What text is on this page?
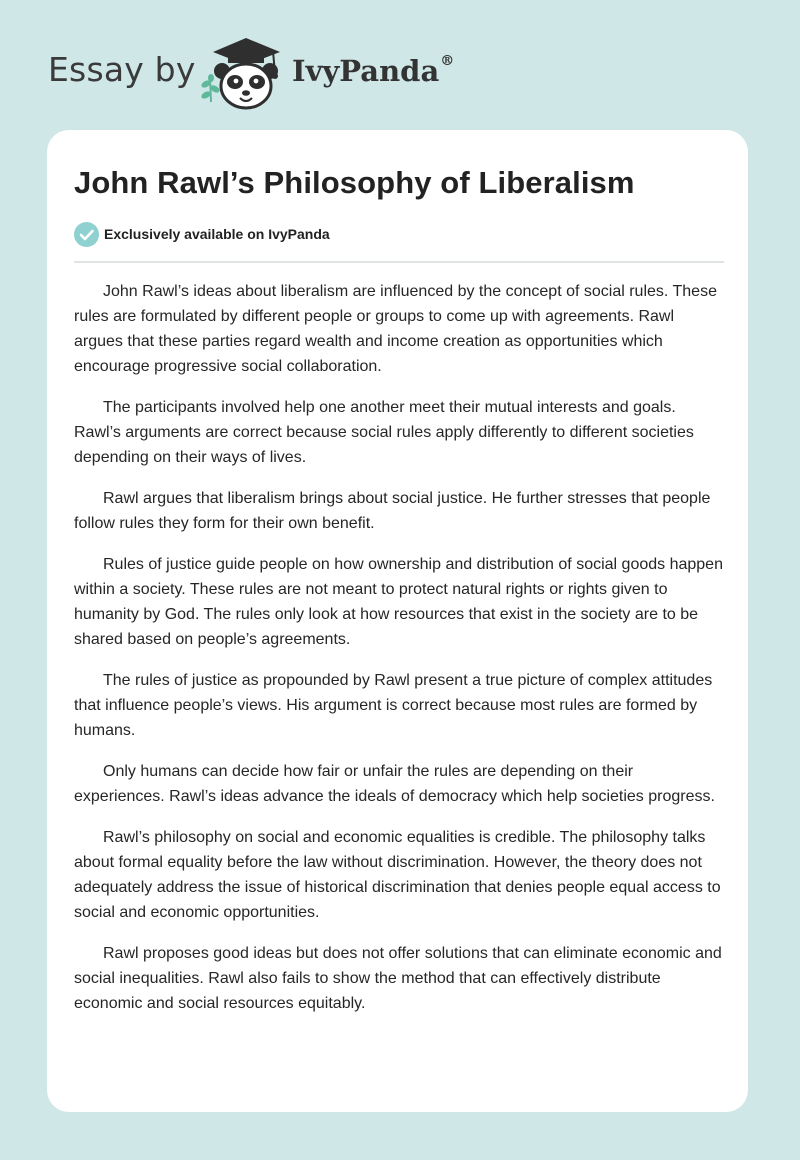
Essay by	IvyPanda®
John Rawl’s Philosophy of Liberalism
Exclusively available on IvyPanda

John Rawl’s ideas about liberalism are influenced by the concept of social rules. These rules are formulated by different people or groups to come up with agreements. Rawl argues that these parties regard wealth and income creation as opportunities which encourage progressive social collaboration.

The participants involved help one another meet their mutual interests and goals. Rawl’s arguments are correct because social rules apply differently to different societies depending on their ways of lives.

Rawl argues that liberalism brings about social justice. He further stresses that people follow rules they form for their own benefit.

Rules of justice guide people on how ownership and distribution of social goods happen within a society. These rules are not meant to protect natural rights or rights given to humanity by God. The rules only look at how resources that exist in the society are to be shared based on people’s agreements.

The rules of justice as propounded by Rawl present a true picture of complex attitudes that influence people’s views. His argument is correct because most rules are formed by humans.

Only humans can decide how fair or unfair the rules are depending on their experiences. Rawl’s ideas advance the ideals of democracy which help societies progress.

Rawl’s philosophy on social and economic equalities is credible. The philosophy talks about formal equality before the law without discrimination. However, the theory does not adequately address the issue of historical discrimination that denies people equal access to social and economic opportunities.

Rawl proposes good ideas but does not offer solutions that can eliminate economic and social inequalities. Rawl also fails to show the method that can effectively distribute economic and social resources equitably.
